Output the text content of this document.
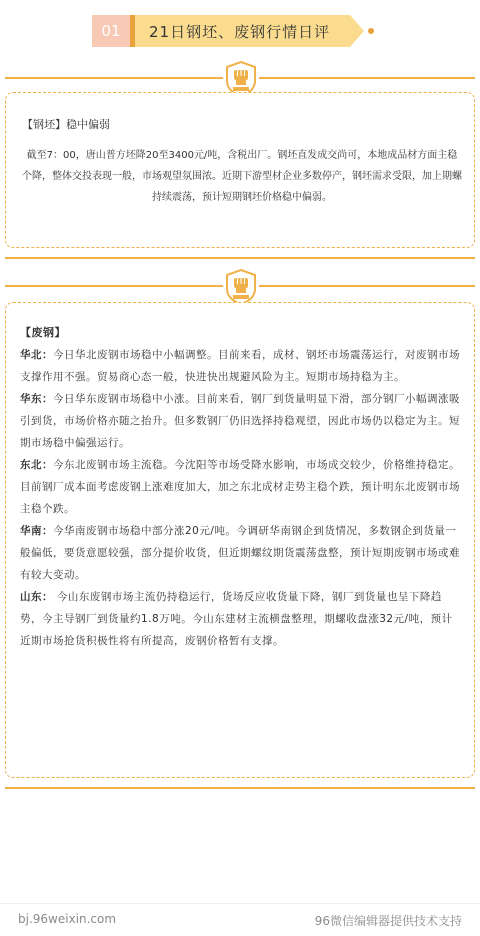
01	21日钢坯、废钢行情日评
【钢坯】稳中偏弱
截至7：00，唐山普方坯降20至3400元/吨，含税出厂。钢坯直发成交尚可，本地成品材方面主稳个降，整体交投表现一般，市场观望氛围浓。近期下游型材企业多数停产，钢坯需求受限，加上期螺持续震荡，预计短期钢坯价格稳中偏弱。
【废钢】
华北：今日华北废钢市场稳中小幅调整。目前来看，成材、钢坯市场震荡运行，对废钢市场支撑作用不强。贸易商心态一般，快进快出规避风险为主。短期市场持稳为主。
华东：今日华东废钢市场稳中小涨。目前来看，钢厂到货量明显下滑，部分钢厂小幅调涨吸引到货，市场价格亦随之抬升。但多数钢厂仍旧选择持稳观望，因此市场仍以稳定为主。短期市场稳中偏强运行。
东北：今东北废钢市场主流稳。今沈阳等市场受降水影响，市场成交较少，价格维持稳定。目前钢厂成本面考虑废钢上涨难度加大，加之东北成材走势主稳个跌，预计明东北废钢市场主稳个跌。
华南：今华南废钢市场稳中部分涨20元/吨。今调研华南钢企到货情况，多数钢企到货量一般偏低，要货意愿较强，部分提价收货，但近期螺纹期货震荡盘整，预计短期废钢市场或难有较大变动。
山东： 今山东废钢市场主流仍持稳运行，货场反应收货量下降，钢厂到货量也呈下降趋势，今主导钢厂到货量约1.8万吨。今山东建材主流横盘整理，期螺收盘涨32元/吨，预计近期市场抢货积极性将有所提高，废钢价格暂有支撑。
bj.96weixin.com	96微信编辑器提供技术支持
